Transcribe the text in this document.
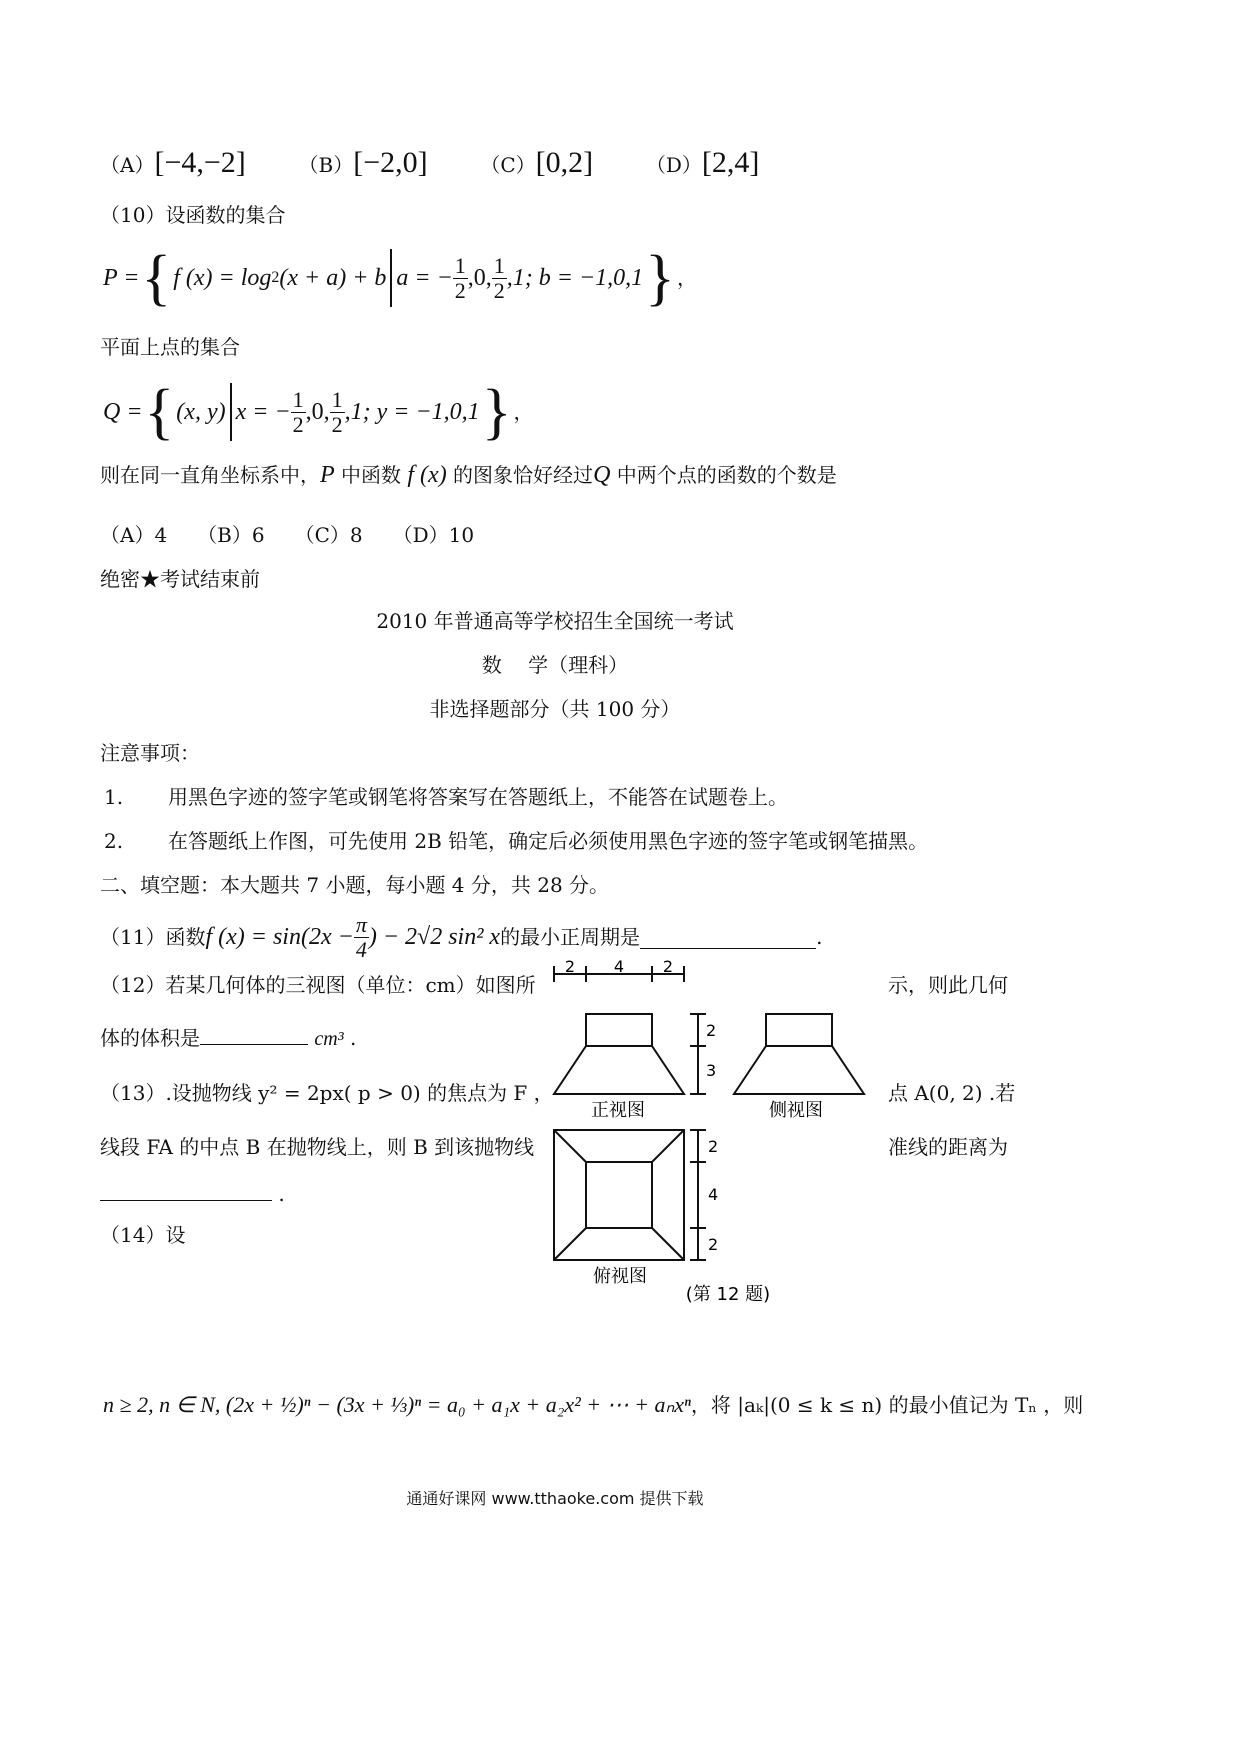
（A）[−4,−2]	（B）[−2,0]	（C）[0,2]	（D）[2,4]
（10）设函数的集合
P = { f (x) = log 2 (x + a) + b a = − $\frac{1}{2} ,0$, $\frac{1}{2} ,1$; b = −1,0,1 } ，
平面上点的集合
Q = { (x, y) x = − $\frac{1}{2} ,0$, $\frac{1}{2} ,1$; y = −1,0,1 } ，
则在同一直角坐标系中，P 中函数 f (x) 的图象恰好经过Q 中两个点的函数的个数是
（A）4　　（B）6　　（C）8　　（D）10
绝密★考试结束前
2010 年普通高等学校招生全国统一考试
数　 学（理科）
非选择题部分（共 100 分）
注意事项：
1. 用黑色字迹的签字笔或钢笔将答案写在答题纸上，不能答在试题卷上。
2. 在答题纸上作图，可先使用 2B 铅笔，确定后必须使用黑色字迹的签字笔或钢笔描黑。
二、填空题：本大题共 7 小题，每小题 4 分，共 28 分。
（11）函数 f $(x) = \sin(2x - \frac{\pi}{4}$ ) − 2√2 sin² x 的最小正周期是	.
（12）若某几何体的三视图（单位：cm）如图所	示，则此几何
体的体积是	cm³ .
（13）.设抛物线 y² = 2px( p > 0) 的焦点为 F ，	点 A(0, 2) .若
线段 FA 的中点 B 在抛物线上，则 B 到该抛物线	准线的距离为
.
（14）设
n ≥ 2, n ∈ N, (2x + ½)ⁿ − (3x + ⅓)ⁿ = a₀ + a₁x + a₂x² + ⋯ + aₙxⁿ ，将 |aₖ|(0 ≤ k ≤ n) 的最小值记为 Tₙ ，则
2 4 2
2
3
正视图	侧视图
2
4
2
俯视图
(第 12 题)
通通好课网 www.tthaoke.com 提供下载
